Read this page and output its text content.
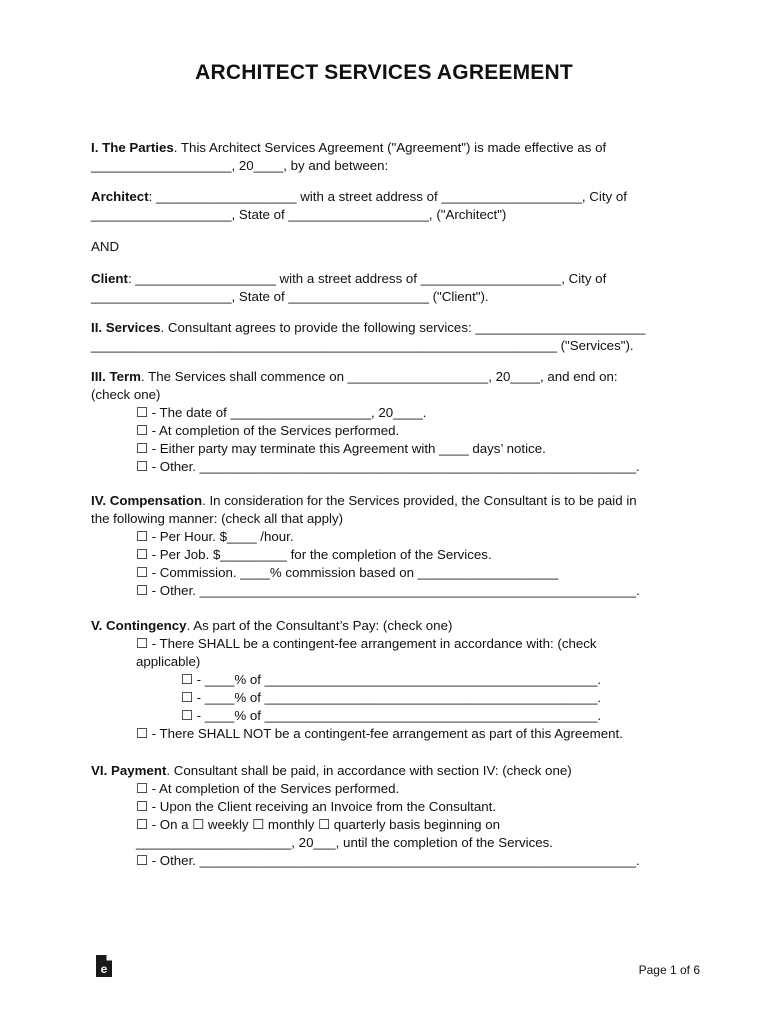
ARCHITECT SERVICES AGREEMENT
I. The Parties. This Architect Services Agreement ("Agreement") is made effective as of
___________________, 20____, by and between:
Architect: ___________________ with a street address of ___________________, City of
___________________, State of ___________________, ("Architect")
AND
Client: ___________________ with a street address of ___________________, City of
___________________, State of ___________________ ("Client").
II. Services. Consultant agrees to provide the following services: _______________________
_______________________________________________________________ ("Services").
III. Term. The Services shall commence on ___________________, 20____, and end on:
(check one)
☐ - The date of ___________________, 20____.
☐ - At completion of the Services performed.
☐ - Either party may terminate this Agreement with ____ days’ notice.
☐ - Other. ___________________________________________________________.
IV. Compensation. In consideration for the Services provided, the Consultant is to be paid in
the following manner: (check all that apply)
☐ - Per Hour. $____ /hour.
☐ - Per Job. $_________ for the completion of the Services.
☐ - Commission. ____% commission based on ___________________
☐ - Other. ___________________________________________________________.
V. Contingency. As part of the Consultant’s Pay: (check one)
☐ - There SHALL be a contingent-fee arrangement in accordance with: (check
applicable)
☐ - ____% of _____________________________________________.
☐ - ____% of _____________________________________________.
☐ - ____% of _____________________________________________.
☐ - There SHALL NOT be a contingent-fee arrangement as part of this Agreement.
VI. Payment. Consultant shall be paid, in accordance with section IV: (check one)
☐ - At completion of the Services performed.
☐ - Upon the Client receiving an Invoice from the Consultant.
☐ - On a ☐ weekly ☐ monthly ☐ quarterly basis beginning on
_____________________, 20___, until the completion of the Services.
☐ - Other. ___________________________________________________________.
e	Page 1 of 6
